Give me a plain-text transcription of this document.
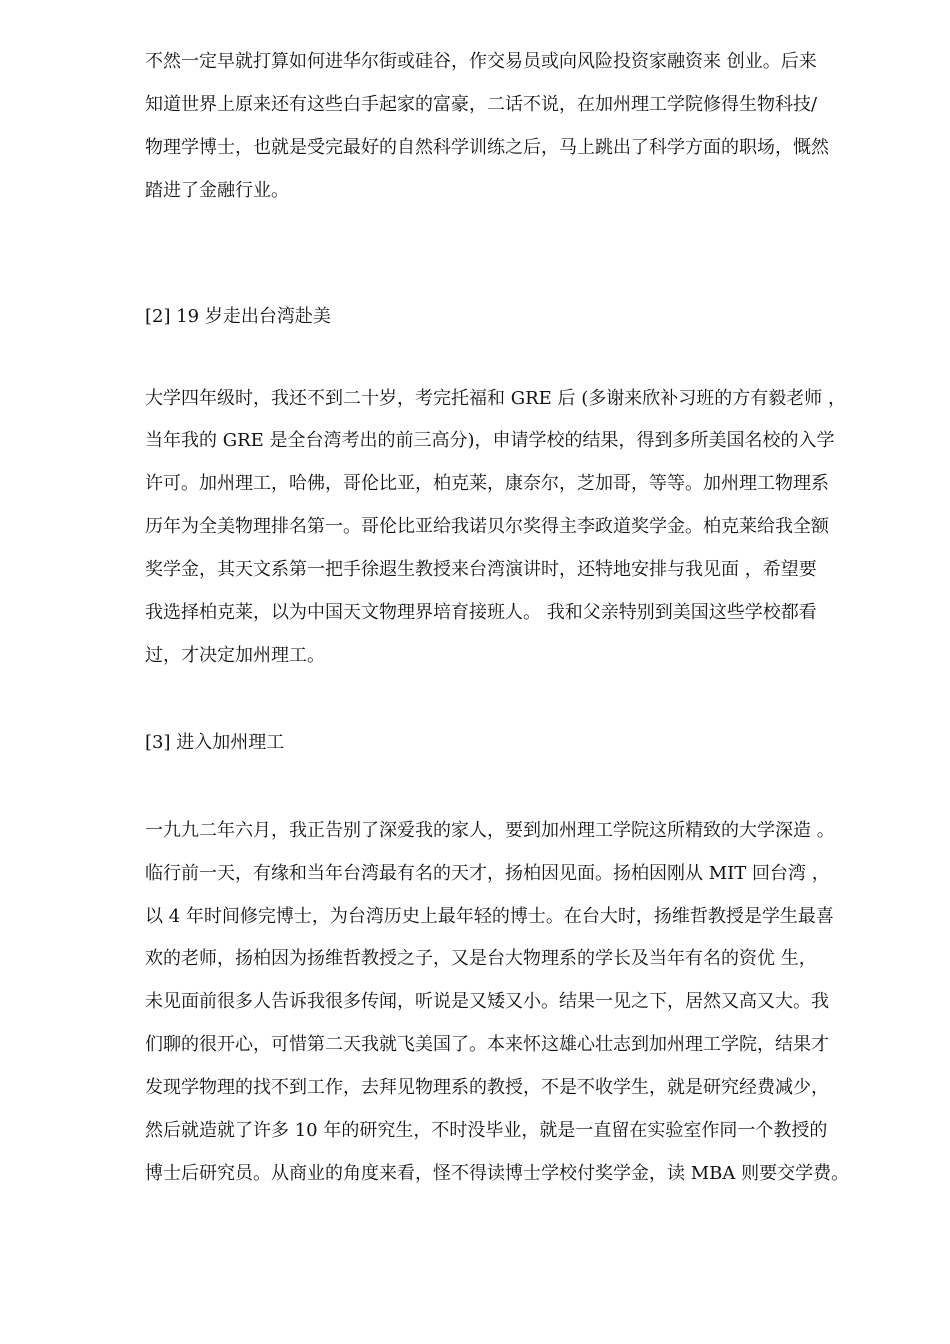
不然一定早就打算如何进华尔街或硅谷，作交易员或向风险投资家融资来 创业。后来

知道世界上原来还有这些白手起家的富豪，二话不说，在加州理工学院修得生物科技/

物理学博士，也就是受完最好的自然科学训练之后，马上跳出了科学方面的职场，慨然

踏进了金融行业。

[2] 19 岁走出台湾赴美

大学四年级时，我还不到二十岁，考完托福和 GRE 后 (多谢来欣补习班的方有毅老师 ，

当年我的 GRE 是全台湾考出的前三高分)，申请学校的结果，得到多所美国名校的入学

许可。加州理工，哈佛，哥伦比亚，柏克莱，康奈尔，芝加哥，等等。加州理工物理系

历年为全美物理排名第一。哥伦比亚给我诺贝尔奖得主李政道奖学金。柏克莱给我全额

奖学金，其天文系第一把手徐遐生教授来台湾演讲时，还特地安排与我见面 ，希望要

我选择柏克莱，以为中国天文物理界培育接班人。 我和父亲特别到美国这些学校都看

过，才决定加州理工。

[3] 进入加州理工

一九九二年六月，我正告别了深爱我的家人，要到加州理工学院这所精致的大学深造 。

临行前一天，有缘和当年台湾最有名的天才，扬柏因见面。扬柏因刚从 MIT 回台湾 ，

以 4 年时间修完博士，为台湾历史上最年轻的博士。在台大时，扬维哲教授是学生最喜

欢的老师，扬柏因为扬维哲教授之子，又是台大物理系的学长及当年有名的资优 生，

未见面前很多人告诉我很多传闻，听说是又矮又小。结果一见之下，居然又高又大。我

们聊的很开心，可惜第二天我就飞美国了。本来怀这雄心壮志到加州理工学院，结果才

发现学物理的找不到工作，去拜见物理系的教授，不是不收学生，就是研究经费减少，

然后就造就了许多 10 年的研究生，不时没毕业，就是一直留在实验室作同一个教授的

博士后研究员。从商业的角度来看，怪不得读博士学校付奖学金，读 MBA 则要交学费。
